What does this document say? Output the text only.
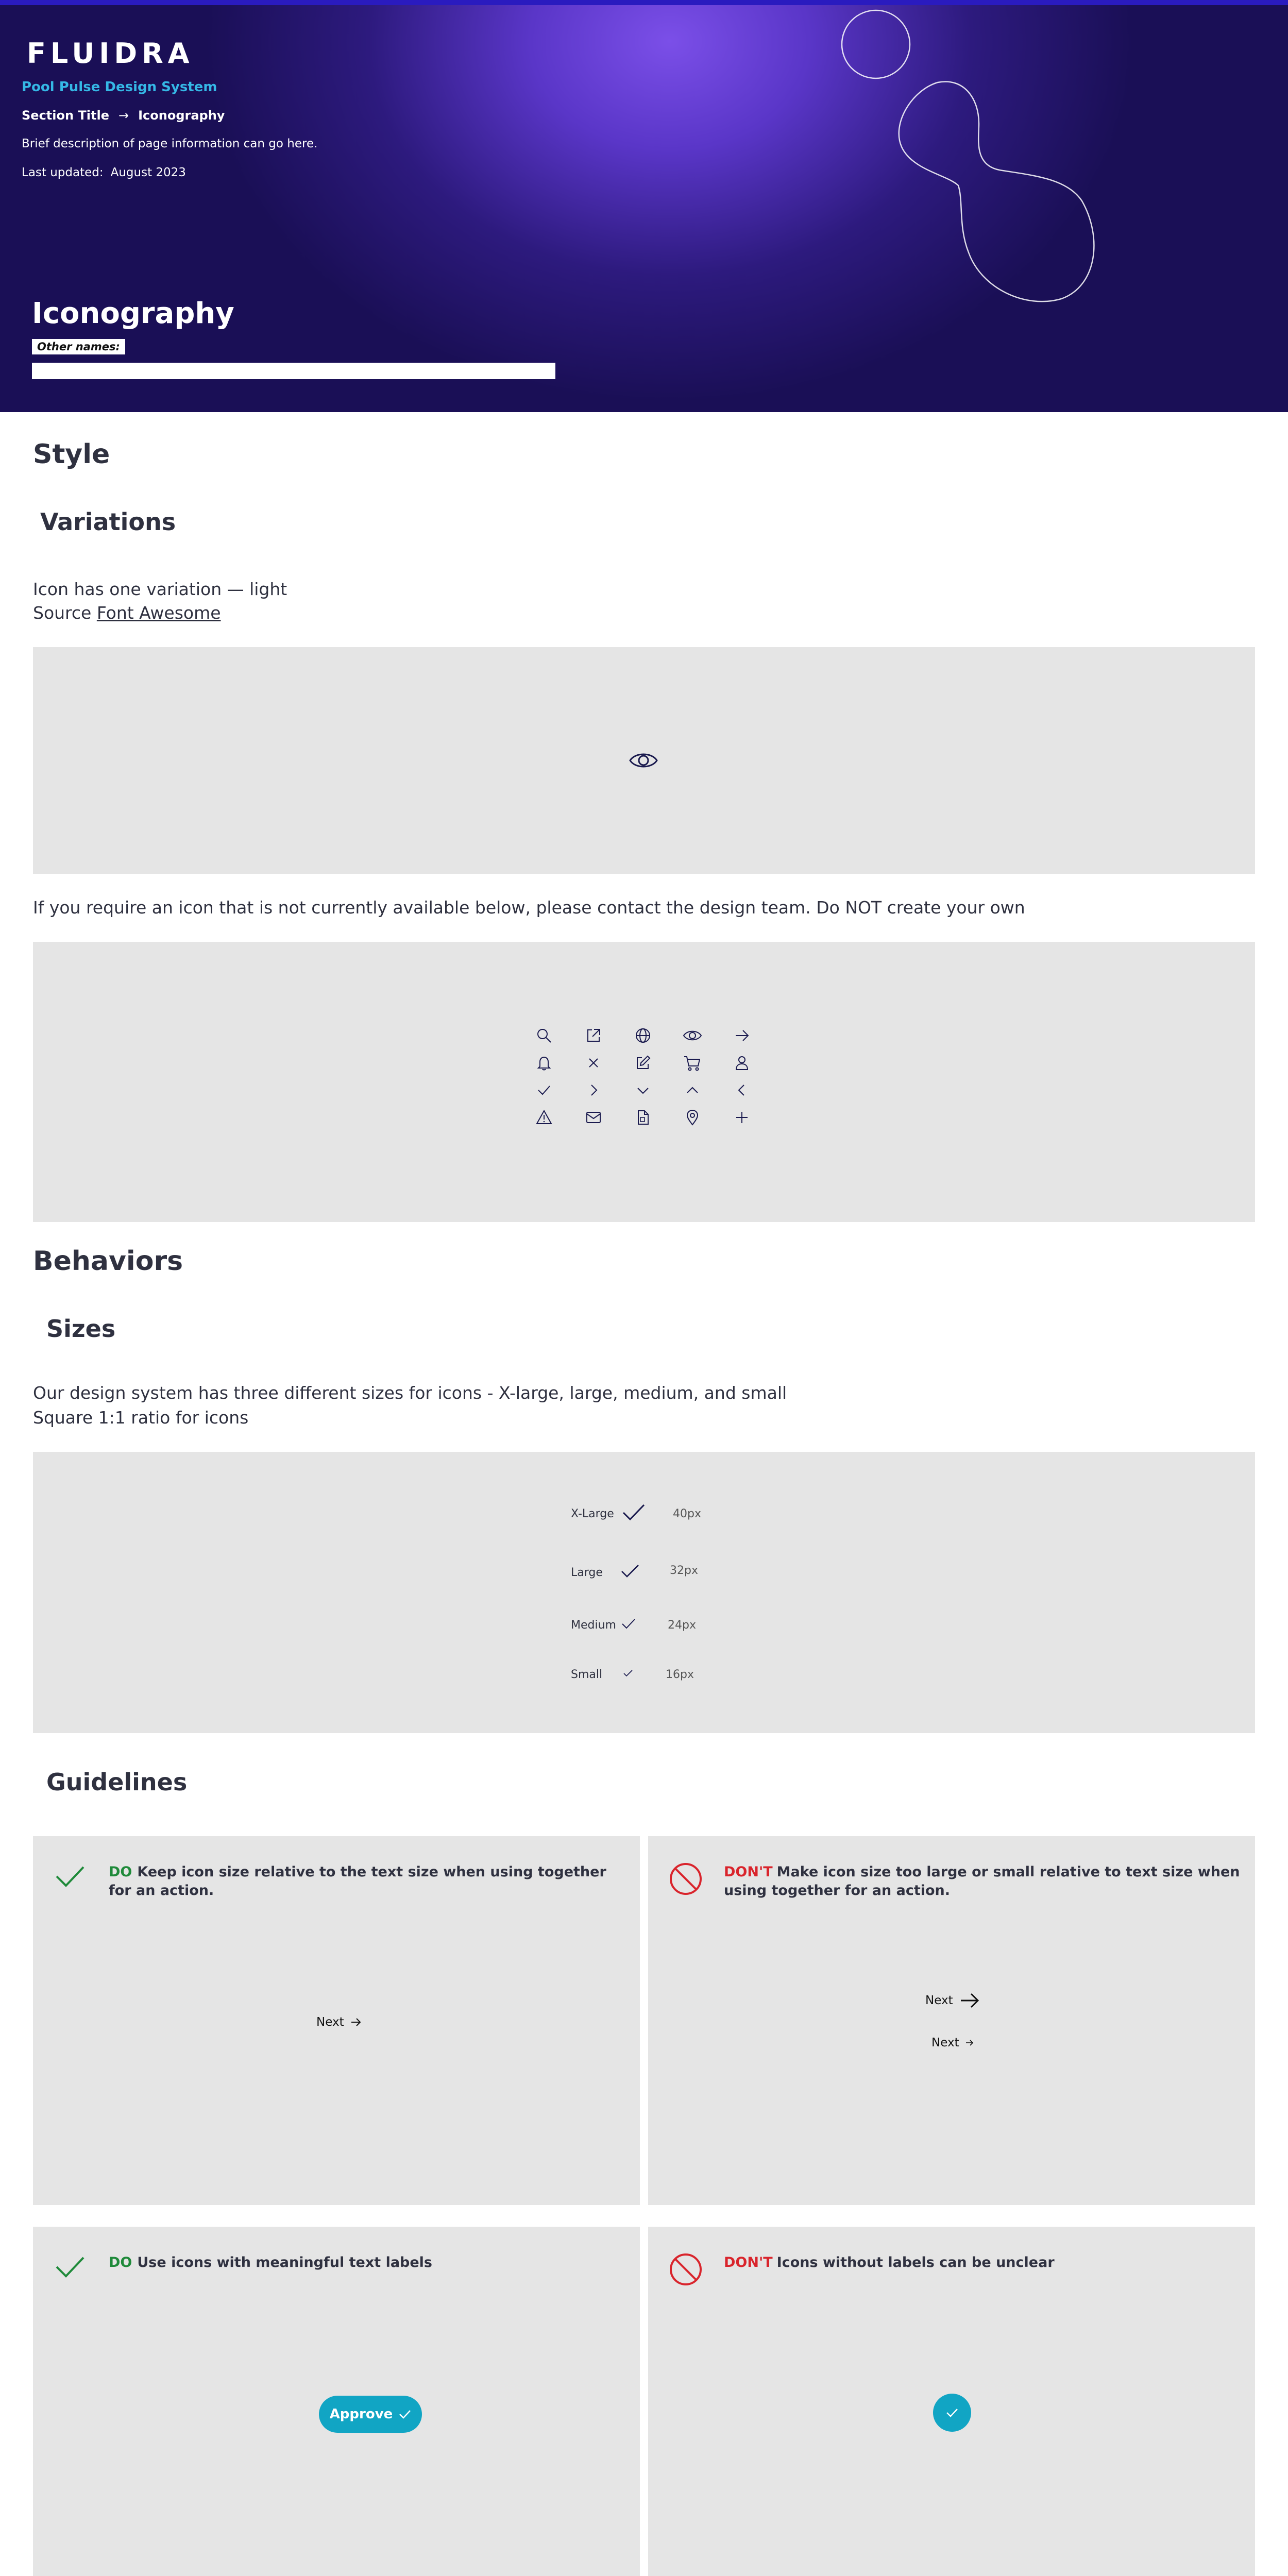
FLUIDRA
Pool Pulse Design System
Section Title → Iconography
Brief description of page information can go here.
Last updated: August 2023
Iconography
Other names:
Style
Variations
Icon has one variation — light
Source Font Awesome
If you require an icon that is not currently available below, please contact the design team. Do NOT create your own
Behaviors
Sizes
Our design system has three different sizes for icons - X-large, large, medium, and small
Square 1:1 ratio for icons
X-Large	40px
Large	32px
Medium	24px
Small	16px
Guidelines
DO Keep icon size relative to the text size when using together for an action.
Next
DON'T Make icon size too large or small relative to text size when using together for an action.
Next
Next
DO Use icons with meaningful text labels
Approve
DON'T Icons without labels can be unclear
